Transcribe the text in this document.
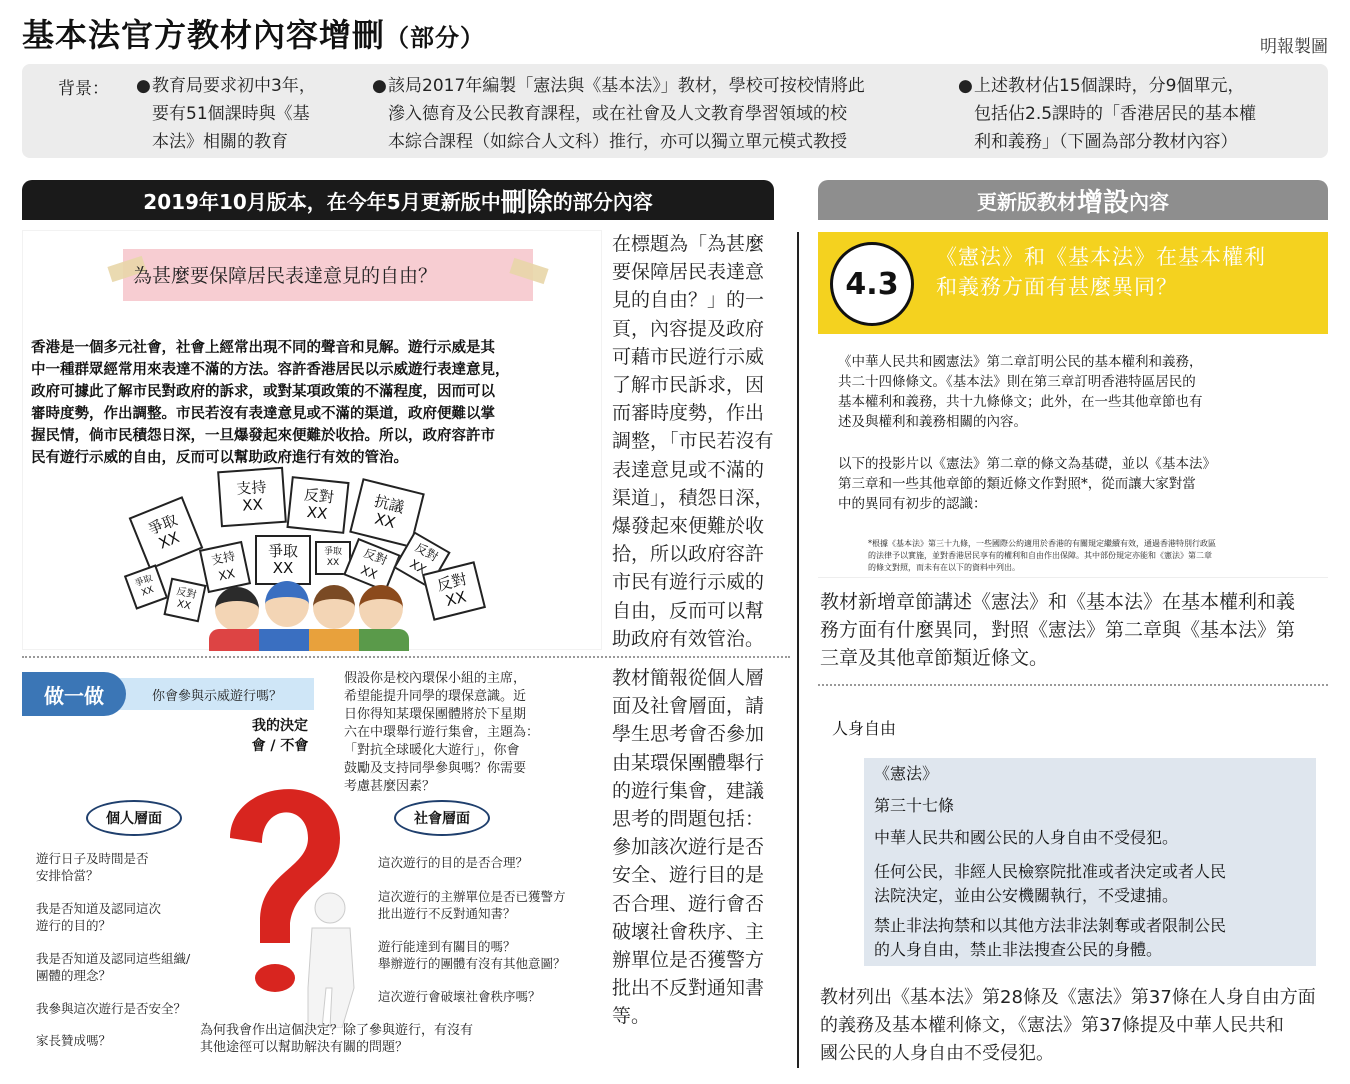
基本法官方教材內容增刪（部分）	明報製圖
背景： ● 教育局要求初中3年，
要有51個課時與《基
本法》相關的教育
● 該局2017年編製「憲法與《基本法》」教材，學校可按校情將此
滲入德育及公民教育課程，或在社會及人文教育學習領域的校
本綜合課程（如綜合人文科）推行，亦可以獨立單元模式教授
● 上述教材佔15個課時，分9個單元，
包括佔2.5課時的「香港居民的基本權
利和義務」（下圖為部分教材內容）
2019年10月版本，在今年5月更新版中 刪除 的部分內容	更新版教材 增設 內容
為甚麼要保障居民表達意見的自由？
香港是一個多元社會，社會上經常出現不同的聲音和見解。遊行示威是其
中一種群眾經常用來表達不滿的方法。容許香港居民以示威遊行表達意見，
政府可據此了解市民對政府的訴求，或對某項政策的不滿程度，因而可以
審時度勢，作出調整。市民若沒有表達意見或不滿的渠道，政府便難以掌
握民情，倘市民積怨日深，一旦爆發起來便難於收拾。所以，政府容許市
民有遊行示威的自由，反而可以幫助政府進行有效的管治。
支持
XX	反對
XX	抗議
XX
爭取
XX
支持
XX
爭取
XX
爭取
XX	反對
XX
反對
XX
反對
XX
爭取
XX	反對
XX
在標題為「為甚麼
要保障居民表達意
見的自由？」的一
頁，內容提及政府
可藉市民遊行示威
了解市民訴求，因
而審時度勢，作出
調整，「市民若沒有
表達意見或不滿的
渠道」，積怨日深，
爆發起來便難於收
拾，所以政府容許
市民有遊行示威的
自由，反而可以幫
助政府有效管治。
做一做	你會參與示威遊行嗎？
假設你是校內環保小組的主席，
希望能提升同學的環保意識。近
日你得知某環保團體將於下星期
六在中環舉行遊行集會，主題為：
「對抗全球暖化大遊行」，你會
鼓勵及支持同學參與嗎？你需要
考慮甚麼因素？
我的決定
會 / 不會
個人層面	社會層面
遊行日子及時間是否
安排恰當？
我是否知道及認同這次
遊行的目的？
我是否知道及認同這些組織/
團體的理念？
我參與這次遊行是否安全？
家長贊成嗎？
這次遊行的目的是否合理？
這次遊行的主辦單位是否已獲警方
批出遊行不反對通知書？
遊行能達到有關目的嗎？
舉辦遊行的團體有沒有其他意圖？
這次遊行會破壞社會秩序嗎？
為何我會作出這個決定？除了參與遊行，有沒有
其他途徑可以幫助解決有關的問題？
教材簡報從個人層
面及社會層面，請
學生思考會否參加
由某環保團體舉行
的遊行集會，建議
思考的問題包括：
參加該次遊行是否
安全、遊行目的是
否合理、遊行會否
破壞社會秩序、主
辦單位是否獲警方
批出不反對通知書
等。
4.3
《憲法》和《基本法》在基本權利
和義務方面有甚麼異同？
《中華人民共和國憲法》第二章訂明公民的基本權利和義務，
共二十四條條文。《基本法》則在第三章訂明香港特區居民的
基本權利和義務，共十九條條文；此外，在一些其他章節也有
述及與權利和義務相關的內容。
以下的投影片以《憲法》第二章的條文為基礎，並以《基本法》
第三章和一些其他章節的類近條文作對照*，從而讓大家對當
中的異同有初步的認識：
*根據《基本法》第三十九條，一些國際公約適用於香港的有關規定繼續有效，通過香港特別行政區
的法律予以實施，並對香港居民享有的權利和自由作出保障。其中部份規定亦能和《憲法》第二章
的條文對照，而未有在以下的資料中列出。
教材新增章節講述《憲法》和《基本法》在基本權利和義
務方面有什麼異同，對照《憲法》第二章與《基本法》第
三章及其他章節類近條文。
人身自由
《憲法》
第三十七條
中華人民共和國公民的人身自由不受侵犯。
任何公民，非經人民檢察院批准或者決定或者人民
法院決定，並由公安機關執行，不受逮捕。
禁止非法拘禁和以其他方法非法剝奪或者限制公民
的人身自由，禁止非法搜查公民的身體。
教材列出《基本法》第28條及《憲法》第37條在人身自由方面
的義務及基本權利條文，《憲法》第37條提及中華人民共和
國公民的人身自由不受侵犯。
